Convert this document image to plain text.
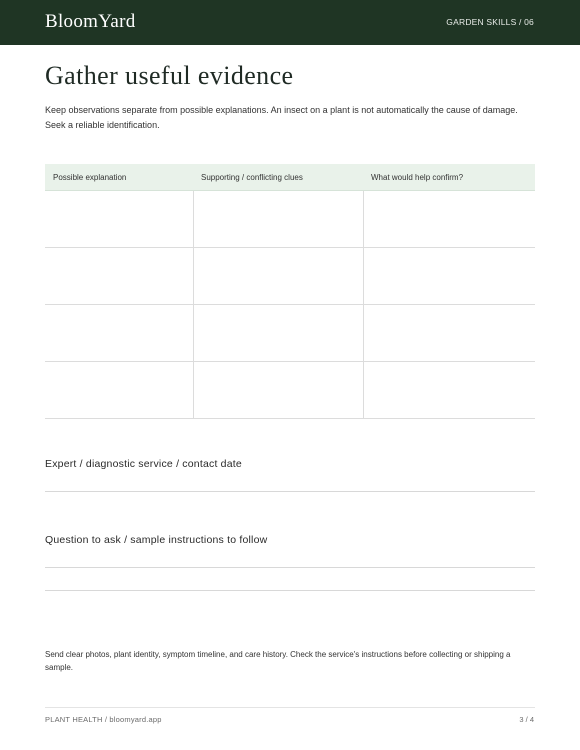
BloomYard	GARDEN SKILLS / 06
Gather useful evidence

Keep observations separate from possible explanations. An insect on a plant is not automatically the cause of damage. Seek a reliable identification.

Possible explanation	Supporting / conflicting clues	What would help confirm?

Expert / diagnostic service / contact date

Question to ask / sample instructions to follow

Send clear photos, plant identity, symptom timeline, and care history. Check the service's instructions before collecting or shipping a sample.

PLANT HEALTH / bloomyard.app	3 / 4
